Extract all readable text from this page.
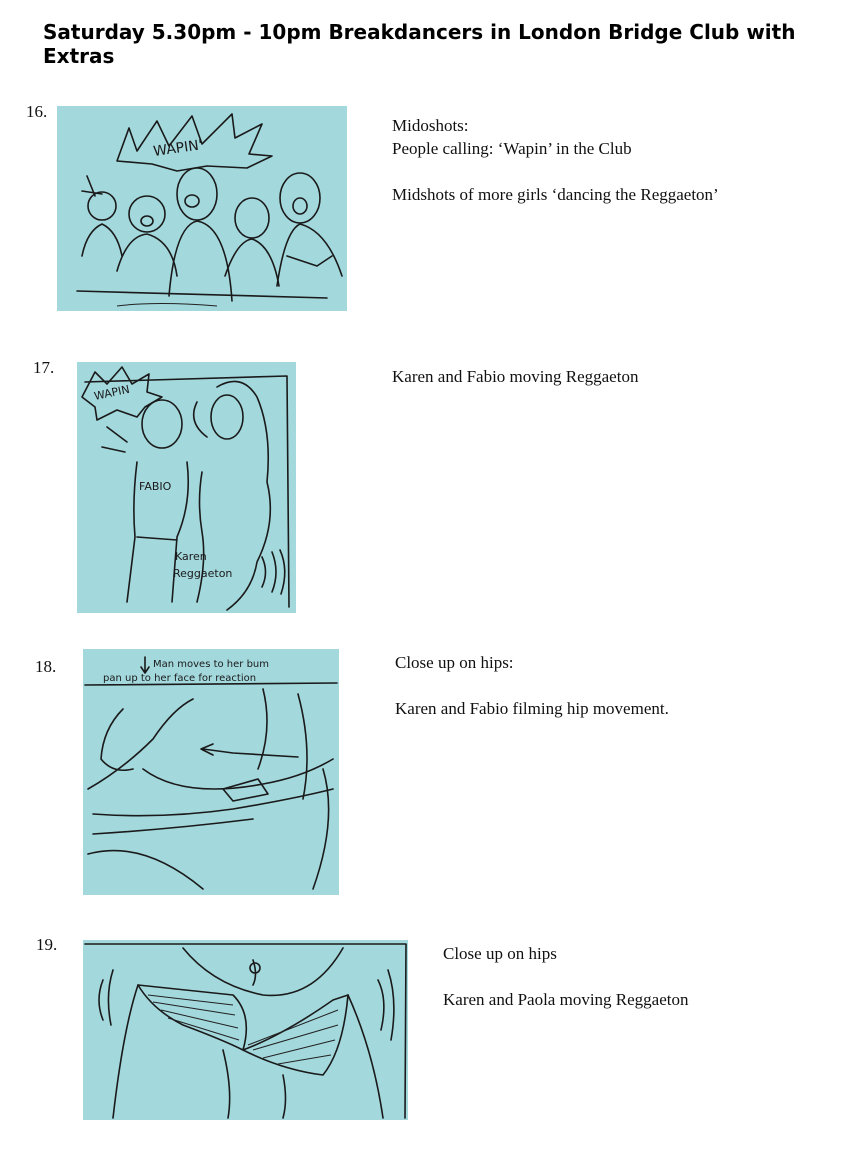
Saturday 5.30pm - 10pm Breakdancers in London Bridge Club with Extras
16.
WAPIN'

Midoshots:

People calling: ‘Wapin’ in the Club

Midshots of more girls ‘dancing the Reggaeton’

17.
WAPIN
FABIO
Karen
Reggaeton

Karen and Fabio moving Reggaeton

18.	Man moves to her bum
pan up to her face for reaction

Close up on hips:

Karen and Fabio filming hip movement.

19.	Close up on hips

Karen and Paola moving Reggaeton
